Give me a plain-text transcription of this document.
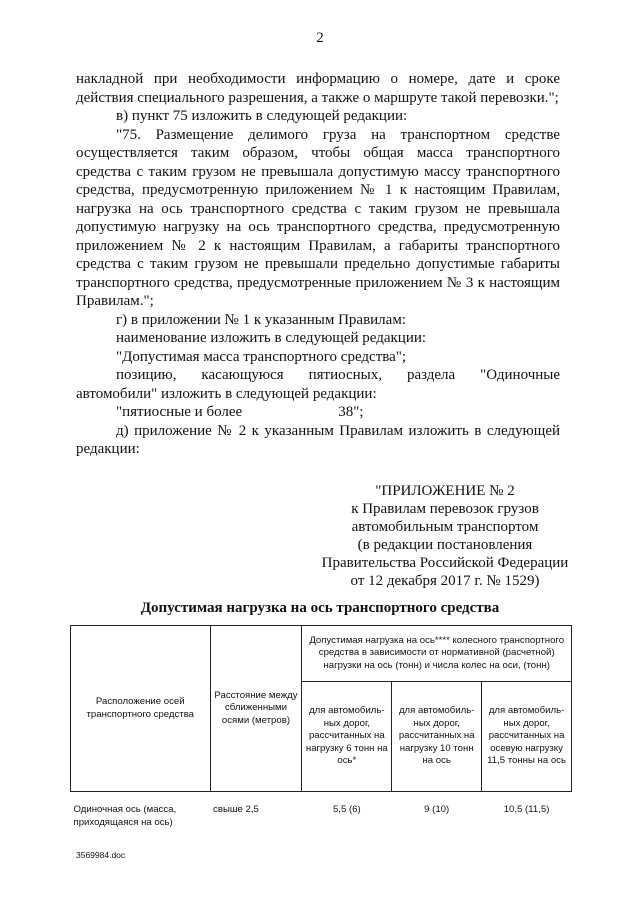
2

накладной при необходимости информацию о номере, дате и сроке действия специального разрешения, а также о маршруте такой перевозки.";

в) пункт 75 изложить в следующей редакции:

"75. Размещение делимого груза на транспортном средстве осуществляется таким образом, чтобы общая масса транспортного средства с таким грузом не превышала допустимую массу транспортного средства, предусмотренную приложением № 1 к настоящим Правилам, нагрузка на ось транспортного средства с таким грузом не превышала допустимую нагрузку на ось транспортного средства, предусмотренную приложением № 2 к настоящим Правилам, а габариты транспортного средства с таким грузом не превышали предельно допустимые габариты транспортного средства, предусмотренные приложением № 3 к настоящим Правилам.";

г) в приложении № 1 к указанным Правилам:

наименование изложить в следующей редакции:

"Допустимая масса транспортного средства";

позицию, касающуюся пятиосных, раздела "Одиночные автомобили" изложить в следующей редакции:

"пятиосные и более	38";

д) приложение № 2 к указанным Правилам изложить в следующей редакции:

"ПРИЛОЖЕНИЕ № 2
к Правилам перевозок грузов
автомобильным транспортом
(в редакции постановления
Правительства Российской Федерации
от 12 декабря 2017 г. № 1529)
Допустимая нагрузка на ось транспортного средства
Расположение осей транспортного средства	Расстояние между сближенными осями (метров)	Допустимая нагрузка на ось**** колесного транспортного средства в зависимости от нормативной (расчетной) нагрузки на ось (тонн) и числа колес на оси, (тонн)		
		для автомобиль-ных дорог, рассчитанных на нагрузку 6 тонн на ось*	для автомобиль-ных дорог, рассчитанных на нагрузку 10 тонн на ось	для автомобиль-ных дорог, рассчитанных на осевую нагрузку 11,5 тонны на ось
Одиночная ось (масса, приходящаяся на ось)	свыше 2,5	5,5 (6)	9 (10)	10,5 (11,5)
3569984.doc
